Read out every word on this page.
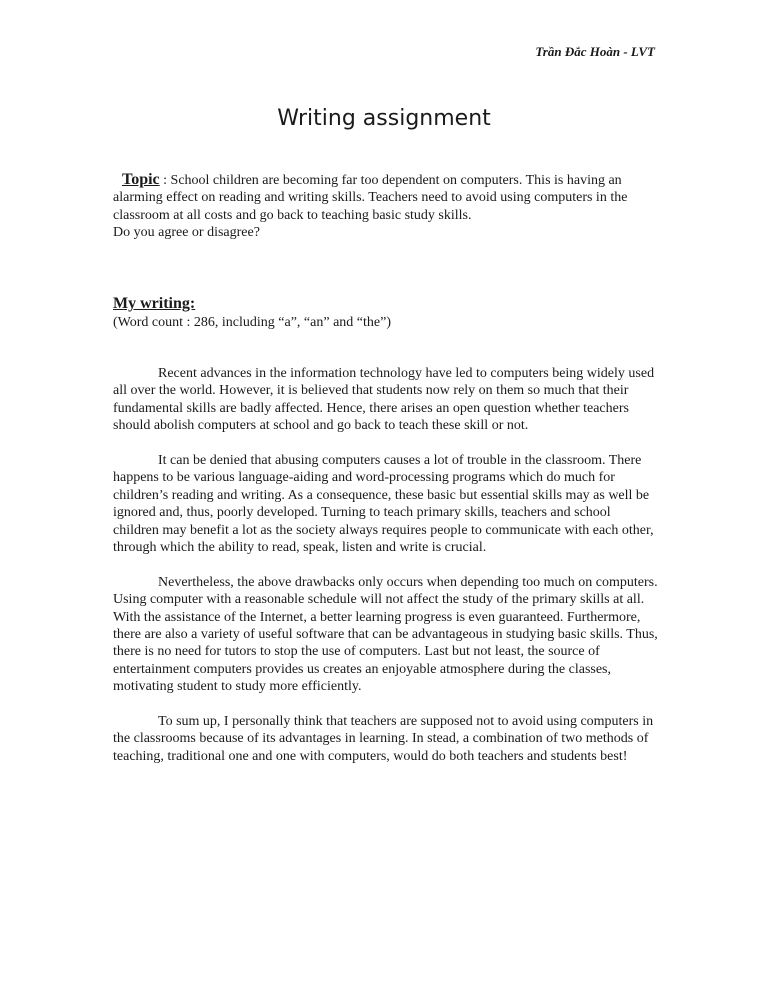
Trần Đắc Hoàn - LVT
Writing assignment
Topic : School children are becoming far too dependent on computers. This is having an alarming effect on reading and writing skills. Teachers need to avoid using computers in the classroom at all costs and go back to teaching basic study skills.
Do you agree or disagree?
My writing:
(Word count : 286, including “a”, “an” and “the”)

Recent advances in the information technology have led to computers being widely used all over the world. However, it is believed that students now rely on them so much that their fundamental skills are badly affected. Hence, there arises an open question whether teachers should abolish computers at school and go back to teach these skill or not.

It can be denied that abusing computers causes a lot of trouble in the classroom. There happens to be various language-aiding and word-processing programs which do much for children’s reading and writing. As a consequence, these basic but essential skills may as well be ignored and, thus, poorly developed. Turning to teach primary skills, teachers and school children may benefit a lot as the society always requires people to communicate with each other, through which the ability to read, speak, listen and write is crucial.

Nevertheless, the above drawbacks only occurs when depending too much on computers. Using computer with a reasonable schedule will not affect the study of the primary skills at all. With the assistance of the Internet, a better learning progress is even guaranteed. Furthermore, there are also a variety of useful software that can be advantageous in studying basic skills. Thus, there is no need for tutors to stop the use of computers. Last but not least, the source of entertainment computers provides us creates an enjoyable atmosphere during the classes, motivating student to study more efficiently.

To sum up, I personally think that teachers are supposed not to avoid using computers in the classrooms because of its advantages in learning. In stead, a combination of two methods of teaching, traditional one and one with computers, would do both teachers and students best!
